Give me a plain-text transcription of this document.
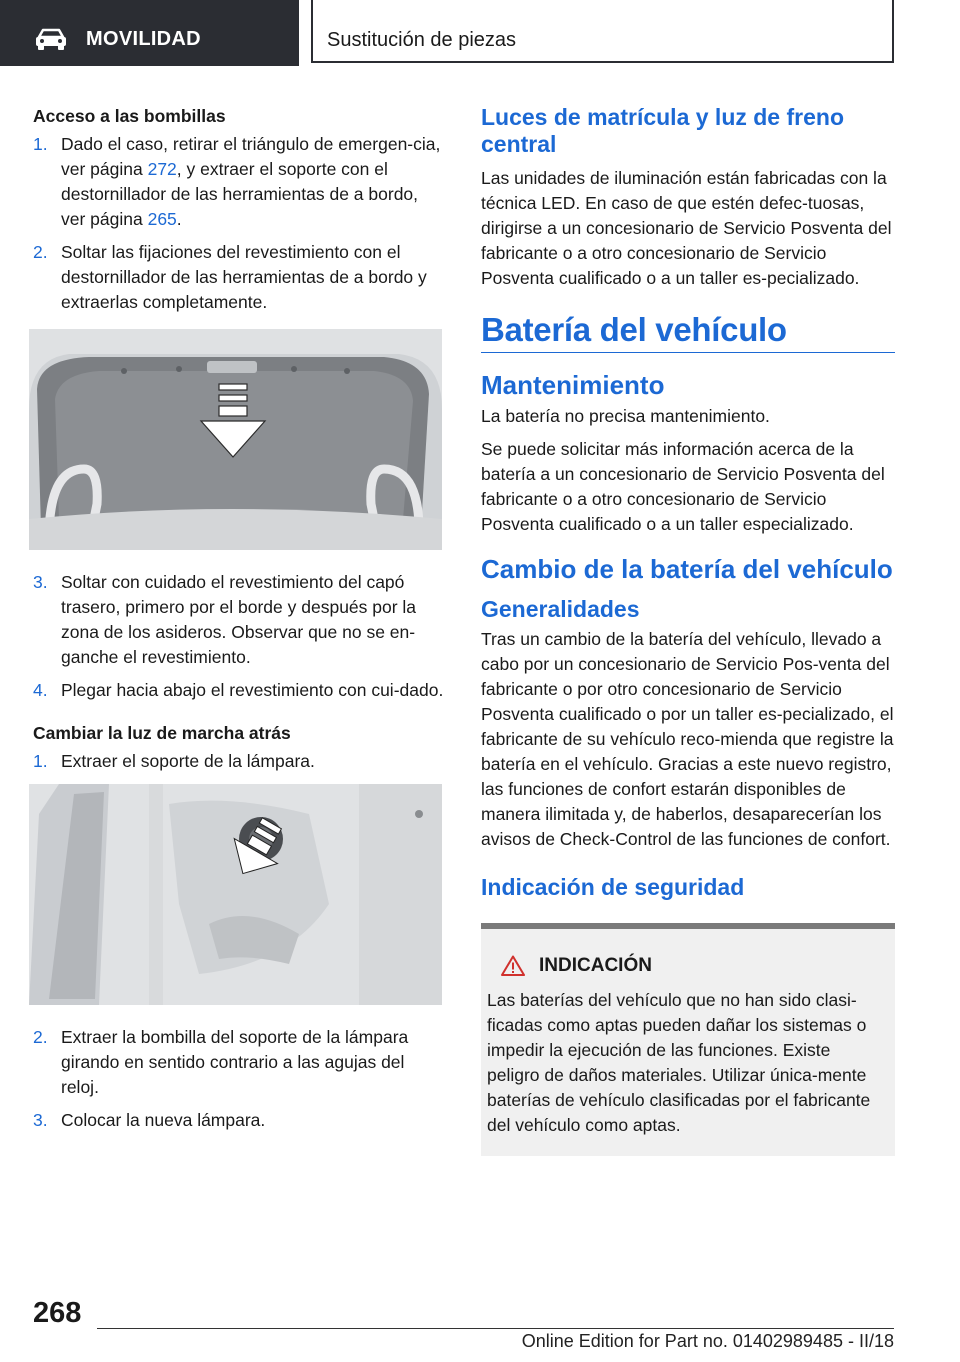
MOVILIDAD	Sustitución de piezas
Acceso a las bombillas
1. Dado el caso, retirar el triángulo de emergen-cia, ver página 272, y extraer el soporte con el destornillador de las herramientas de a bordo, ver página 265.
2. Soltar las fijaciones del revestimiento con el destornillador de las herramientas de a bordo y extraerlas completamente.
3. Soltar con cuidado el revestimiento del capó trasero, primero por el borde y después por la zona de los asideros. Observar que no se en-ganche el revestimiento.
4. Plegar hacia abajo el revestimiento con cui-dado.
Cambiar la luz de marcha atrás
1. Extraer el soporte de la lámpara.
2. Extraer la bombilla del soporte de la lámpara girando en sentido contrario a las agujas del reloj.
3. Colocar la nueva lámpara.
Luces de matrícula y luz de freno central

Las unidades de iluminación están fabricadas con la técnica LED. En caso de que estén defec-tuosas, dirigirse a un concesionario de Servicio Posventa del fabricante o a otro concesionario de Servicio Posventa cualificado o a un taller es-pecializado.

Batería del vehículo
Mantenimiento

La batería no precisa mantenimiento.

Se puede solicitar más información acerca de la batería a un concesionario de Servicio Posventa del fabricante o a otro concesionario de Servicio Posventa cualificado o a un taller especializado.

Cambio de la batería del vehículo
Generalidades

Tras un cambio de la batería del vehículo, llevado a cabo por un concesionario de Servicio Pos-venta del fabricante o por otro concesionario de Servicio Posventa cualificado o por un taller es-pecializado, el fabricante de su vehículo reco-mienda que registre la batería en el vehículo. Gracias a este nuevo registro, las funciones de confort estarán disponibles de manera ilimitada y, de haberlos, desaparecerían los avisos de Check-Control de las funciones de confort.

Indicación de seguridad
INDICACIÓN

Las baterías del vehículo que no han sido clasi-ficadas como aptas pueden dañar los sistemas o impedir la ejecución de las funciones. Existe peligro de daños materiales. Utilizar única-mente baterías de vehículo clasificadas por el fabricante del vehículo como aptas.

268
Online Edition for Part no. 01402989485 - II/18
